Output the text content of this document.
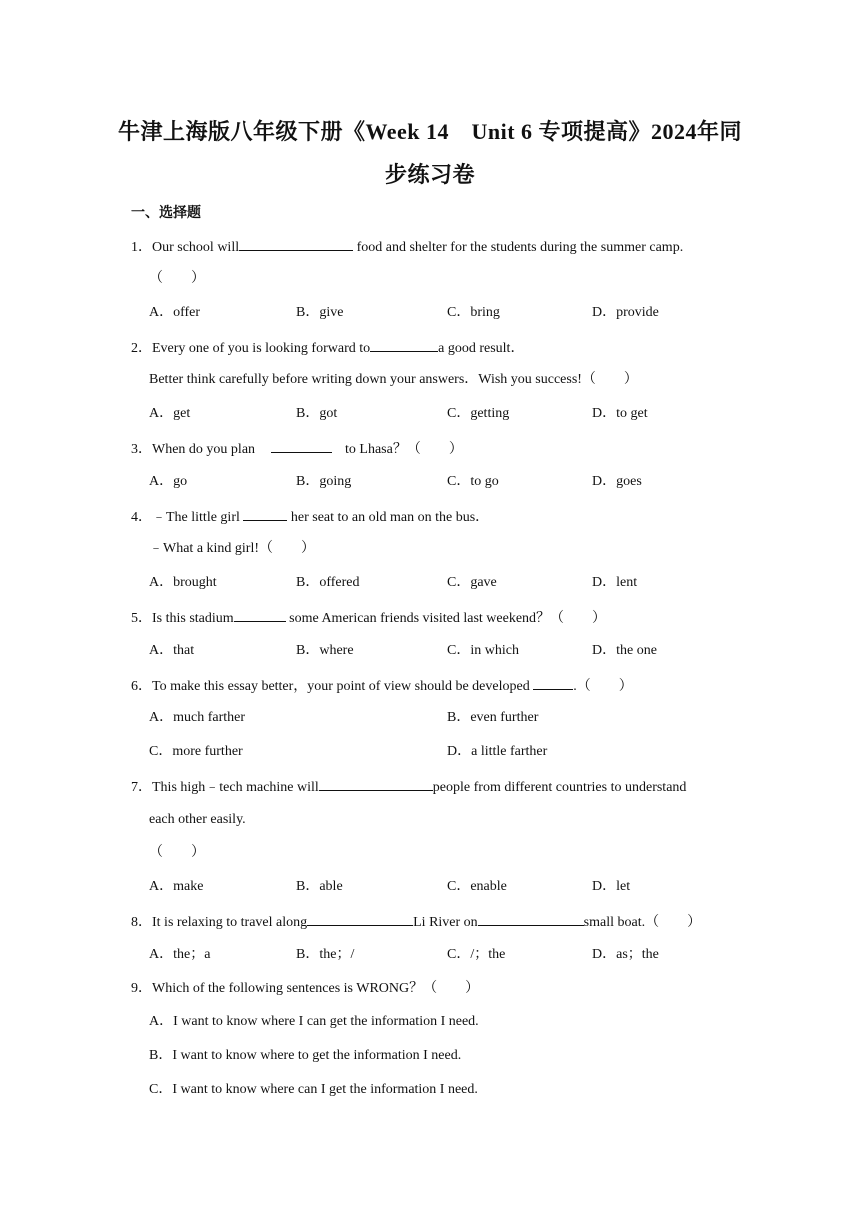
牛津上海版八年级下册《Week 14　Unit 6 专项提高》2024年同
步练习卷
一、选择题
1．Our school will	food and shelter for the students during the summer camp.
（　　）
A．offer	B．give	C．bring	D．provide
2．Every one of you is looking forward to	a good result．
Better think carefully before writing down your answers．Wish you success!（　　）
A．get	B．got	C．getting	D．to get
3．When do you plan	to Lhasa？（　　）
A．go	B．going	C．to go	D．goes
4．﹣The little girl	her seat to an old man on the bus．
﹣What a kind girl!（　　）
A．brought	B．offered	C．gave	D．lent
5．Is this stadium	some American friends visited last weekend？（　　）
A．that	B．where	C．in which	D．the one
6．To make this essay better，your point of view should be developed	.（　　）
A．much farther	B．even further
C．more further	D．a little farther
7．This high﹣tech machine will	people from different countries to understand
each other easily.
（　　）
A．make	B．able	C．enable	D．let
8．It is relaxing to travel along	Li River on	small boat.（　　）
A．the；a	B．the；/	C．/；the	D．as；the
9．Which of the following sentences is WRONG？（　　）
A．I want to know where I can get the information I need.
B．I want to know where to get the information I need.
C．I want to know where can I get the information I need.
